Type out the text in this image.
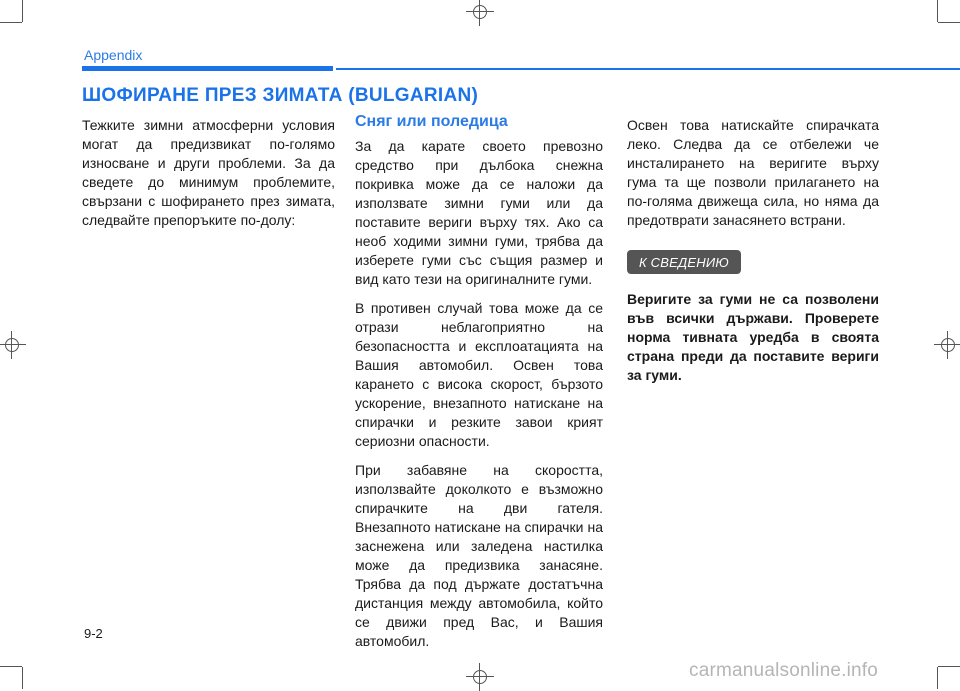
Appendix
ШОФИРАНЕ ПРЕЗ ЗИМАТА (BULGARIAN)

Тежките зимни атмосферни условия могат да предизвикат по-голямо износване и други проблеми. За да сведете до минимум проблемите, свързани с шофирането през зимата, следвайте препоръките по-долу:

Сняг или поледица

За да карате своето превозно средство при дълбока снежна покривка може да се наложи да използвате зимни гуми или да поставите вериги върху тях. Ако са необ ходими зимни гуми, трябва да изберете гуми със същия размер и вид като тези на оригиналните гуми.

В противен случай това може да се отрази неблагоприятно на безопасността и експлоатацията на Вашия автомобил. Освен това карането с висока скорост, бързото ускорение, внезапното натискане на спирачки и резките завои крият сериозни опасности.

При забавяне на скоростта, използвайте доколкото е възможно спирачките на дви гателя. Внезапното натискане на спирачки на заснежена или заледена настилка може да предизвика занасяне. Трябва да под държате достатъчна дистанция между автомобила, който се движи пред Вас, и Вашия автомобил.

Освен това натискайте спирачката леко. Следва да се отбележи че инсталирането на веригите върху гума та ще позволи прилагането на по-голяма движеща сила, но няма да предотврати занасянето встрани.

К СВЕДЕНИЮ

Веригите за гуми не са позволени във всички държави. Проверете норма тивната уредба в своята страна преди да поставите вериги за гуми.

9-2
carmanualsonline.info
